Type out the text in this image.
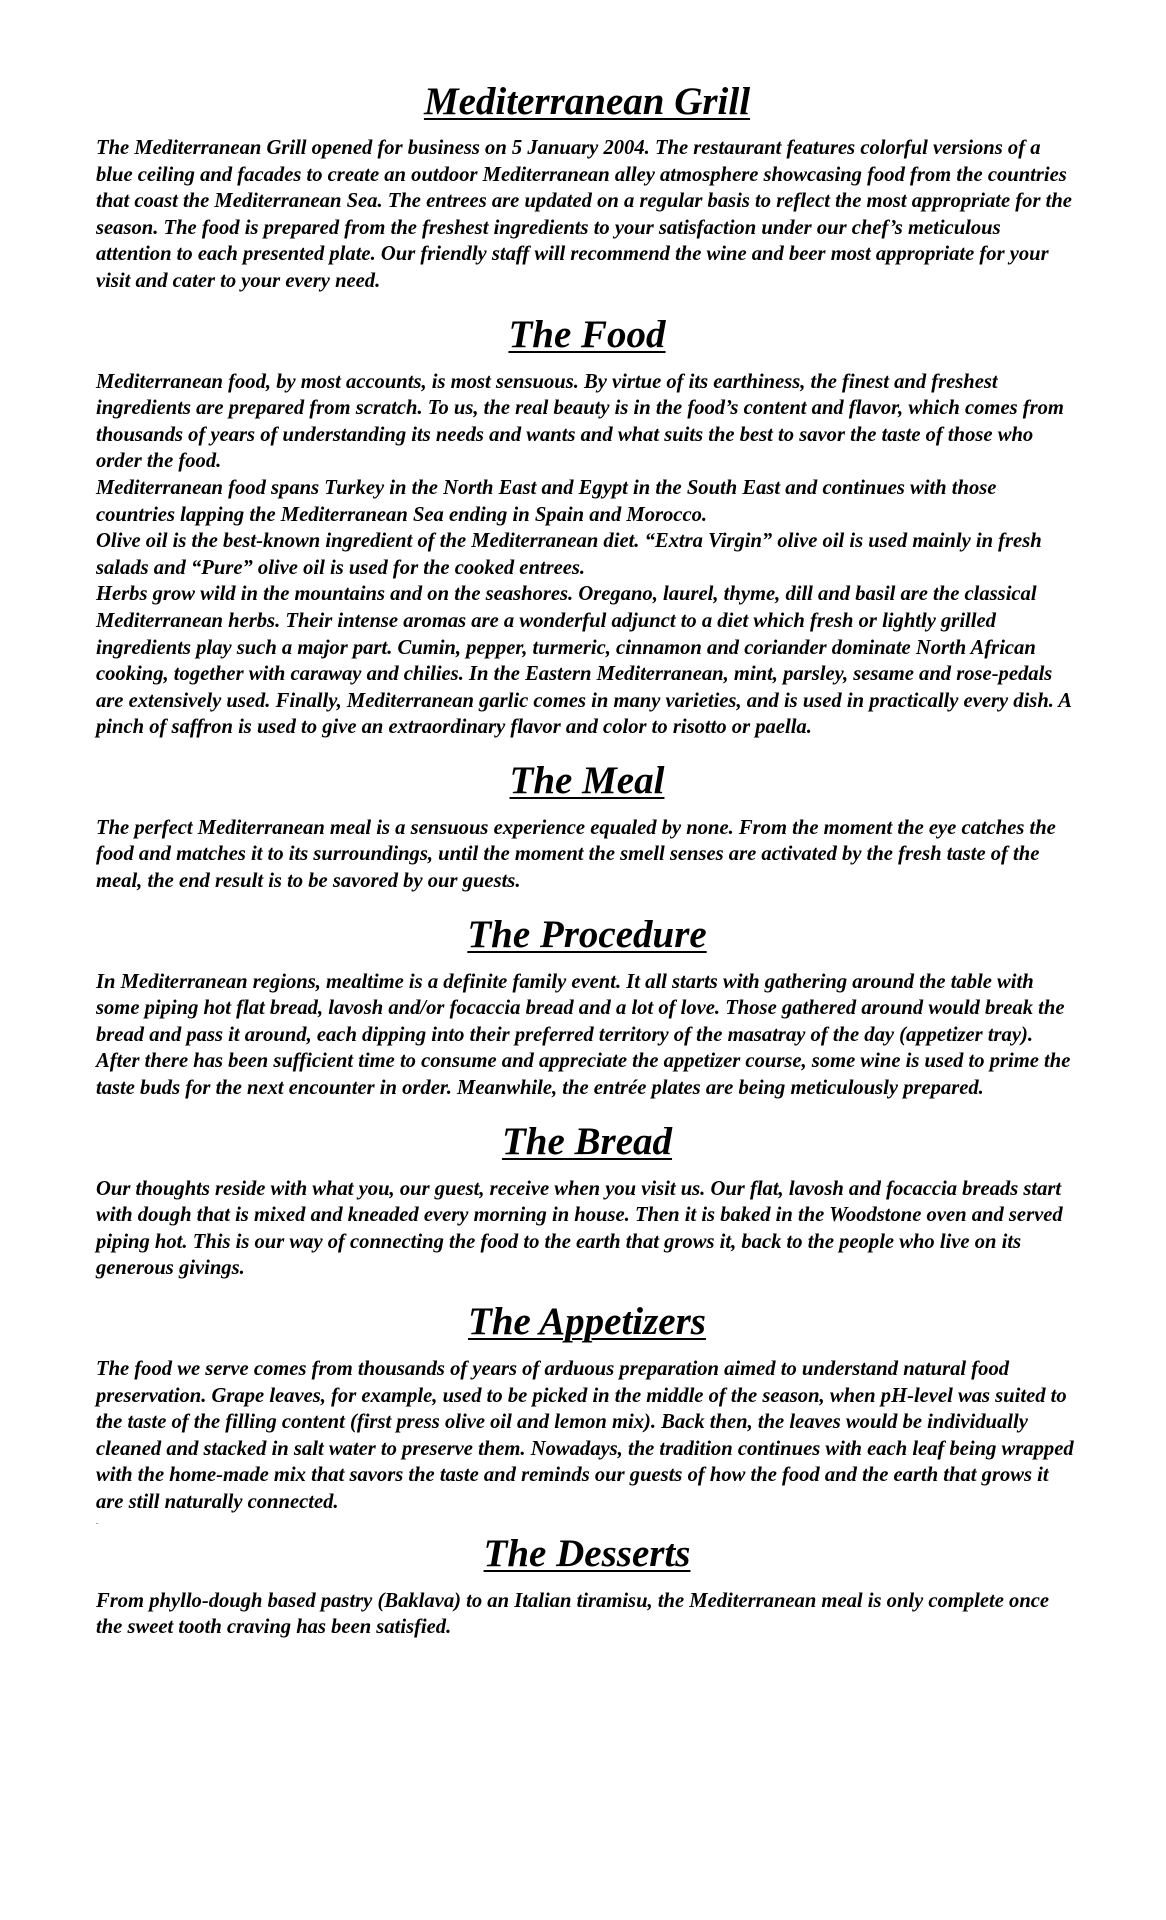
Mediterranean Grill

The Mediterranean Grill opened for business on 5 January 2004. The restaurant features colorful versions of a blue ceiling and facades to create an outdoor Mediterranean alley atmosphere showcasing food from the countries that coast the Mediterranean Sea. The entrees are updated on a regular basis to reflect the most appropriate for the season. The food is prepared from the freshest ingredients to your satisfaction under our chef’s meticulous attention to each presented plate. Our friendly staff will recommend the wine and beer most appropriate for your visit and cater to your every need.

The Food

Mediterranean food, by most accounts, is most sensuous. By virtue of its earthiness, the finest and freshest ingredients are prepared from scratch. To us, the real beauty is in the food’s content and flavor, which comes from thousands of years of understanding its needs and wants and what suits the best to savor the taste of those who order the food.

Mediterranean food spans Turkey in the North East and Egypt in the South East and continues with those countries lapping the Mediterranean Sea ending in Spain and Morocco.

Olive oil is the best-known ingredient of the Mediterranean diet. “Extra Virgin” olive oil is used mainly in fresh salads and “Pure” olive oil is used for the cooked entrees.

Herbs grow wild in the mountains and on the seashores. Oregano, laurel, thyme, dill and basil are the classical Mediterranean herbs. Their intense aromas are a wonderful adjunct to a diet which fresh or lightly grilled ingredients play such a major part. Cumin, pepper, turmeric, cinnamon and coriander dominate North African cooking, together with caraway and chilies. In the Eastern Mediterranean, mint, parsley, sesame and rose-pedals are extensively used. Finally, Mediterranean garlic comes in many varieties, and is used in practically every dish. A pinch of saffron is used to give an extraordinary flavor and color to risotto or paella.

The Meal

The perfect Mediterranean meal is a sensuous experience equaled by none. From the moment the eye catches the food and matches it to its surroundings, until the moment the smell senses are activated by the fresh taste of the meal, the end result is to be savored by our guests.

The Procedure

In Mediterranean regions, mealtime is a definite family event. It all starts with gathering around the table with some piping hot flat bread, lavosh and/or focaccia bread and a lot of love. Those gathered around would break the bread and pass it around, each dipping into their preferred territory of the masatray of the day (appetizer tray). After there has been sufficient time to consume and appreciate the appetizer course, some wine is used to prime the taste buds for the next encounter in order. Meanwhile, the entrée plates are being meticulously prepared.

The Bread

Our thoughts reside with what you, our guest, receive when you visit us. Our flat, lavosh and focaccia breads start with dough that is mixed and kneaded every morning in house. Then it is baked in the Woodstone oven and served piping hot. This is our way of connecting the food to the earth that grows it, back to the people who live on its generous givings.

The Appetizers

The food we serve comes from thousands of years of arduous preparation aimed to understand natural food preservation. Grape leaves, for example, used to be picked in the middle of the season, when pH-level was suited to the taste of the filling content (first press olive oil and lemon mix). Back then, the leaves would be individually cleaned and stacked in salt water to preserve them. Nowadays, the tradition continues with each leaf being wrapped with the home-made mix that savors the taste and reminds our guests of how the food and the earth that grows it are still naturally connected.

.
The Desserts

From phyllo-dough based pastry (Baklava) to an Italian tiramisu, the Mediterranean meal is only complete once the sweet tooth craving has been satisfied.
